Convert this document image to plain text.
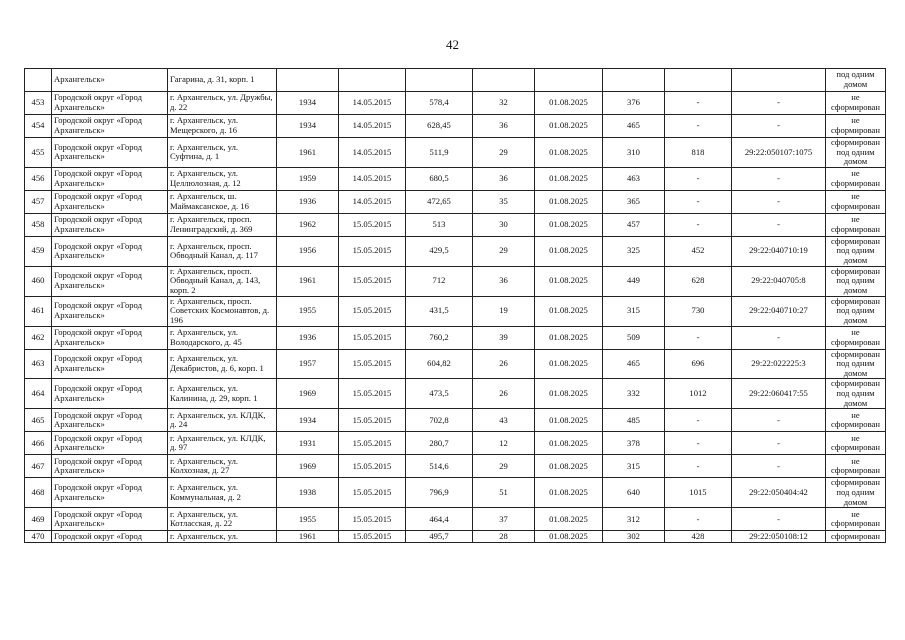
42
	Архангельск»	Гагарина, д. 31, корп. 1									под одним домом
453	Городской округ «Город Архангельск»	г. Архангельск, ул. Дружбы, д. 22	1934	14.05.2015	578,4	32	01.08.2025	376	-	-	не сформирован
454	Городской округ «Город Архангельск»	г. Архангельск, ул. Мещерского, д. 16	1934	14.05.2015	628,45	36	01.08.2025	465	-	-	не сформирован
455	Городской округ «Город Архангельск»	г. Архангельск, ул. Суфтина, д. 1	1961	14.05.2015	511,9	29	01.08.2025	310	818	29:22:050107:1075	сформирован под одним домом
456	Городской округ «Город Архангельск»	г. Архангельск, ул. Целлюлозная, д. 12	1959	14.05.2015	680,5	36	01.08.2025	463	-	-	не сформирован
457	Городской округ «Город Архангельск»	г. Архангельск, ш. Маймаксанское, д. 16	1936	14.05.2015	472,65	35	01.08.2025	365	-	-	не сформирован
458	Городской округ «Город Архангельск»	г. Архангельск, просп. Ленинградский, д. 369	1962	15.05.2015	513	30	01.08.2025	457	-	-	не сформирован
459	Городской округ «Город Архангельск»	г. Архангельск, просп. Обводный Канал, д. 117	1956	15.05.2015	429,5	29	01.08.2025	325	452	29:22:040710:19	сформирован под одним домом
460	Городской округ «Город Архангельск»	г. Архангельск, просп. Обводный Канал, д. 143, корп. 2	1961	15.05.2015	712	36	01.08.2025	449	628	29:22:040705:8	сформирован под одним домом
461	Городской округ «Город Архангельск»	г. Архангельск, просп. Советских Космонавтов, д. 196	1955	15.05.2015	431,5	19	01.08.2025	315	730	29:22:040710:27	сформирован под одним домом
462	Городской округ «Город Архангельск»	г. Архангельск, ул. Володарского, д. 45	1936	15.05.2015	760,2	39	01.08.2025	509	-	-	не сформирован
463	Городской округ «Город Архангельск»	г. Архангельск, ул. Декабристов, д. 6, корп. 1	1957	15.05.2015	604,82	26	01.08.2025	465	696	29:22:022225:3	сформирован под одним домом
464	Городской округ «Город Архангельск»	г. Архангельск, ул. Калинина, д. 29, корп. 1	1969	15.05.2015	473,5	26	01.08.2025	332	1012	29:22:060417:55	сформирован под одним домом
465	Городской округ «Город Архангельск»	г. Архангельск, ул. КЛДК, д. 24	1934	15.05.2015	702,8	43	01.08.2025	485	-	-	не сформирован
466	Городской округ «Город Архангельск»	г. Архангельск, ул. КЛДК, д. 97	1931	15.05.2015	280,7	12	01.08.2025	378	-	-	не сформирован
467	Городской округ «Город Архангельск»	г. Архангельск, ул. Колхозная, д. 27	1969	15.05.2015	514,6	29	01.08.2025	315	-	-	не сформирован
468	Городской округ «Город Архангельск»	г. Архангельск, ул. Коммунальная, д. 2	1938	15.05.2015	796,9	51	01.08.2025	640	1015	29:22:050404:42	сформирован под одним домом
469	Городской округ «Город Архангельск»	г. Архангельск, ул. Котласская, д. 22	1955	15.05.2015	464,4	37	01.08.2025	312	-	-	не сформирован
470	Городской округ «Город	г. Архангельск, ул.	1961	15.05.2015	495,7	28	01.08.2025	302	428	29:22:050108:12	сформирован
